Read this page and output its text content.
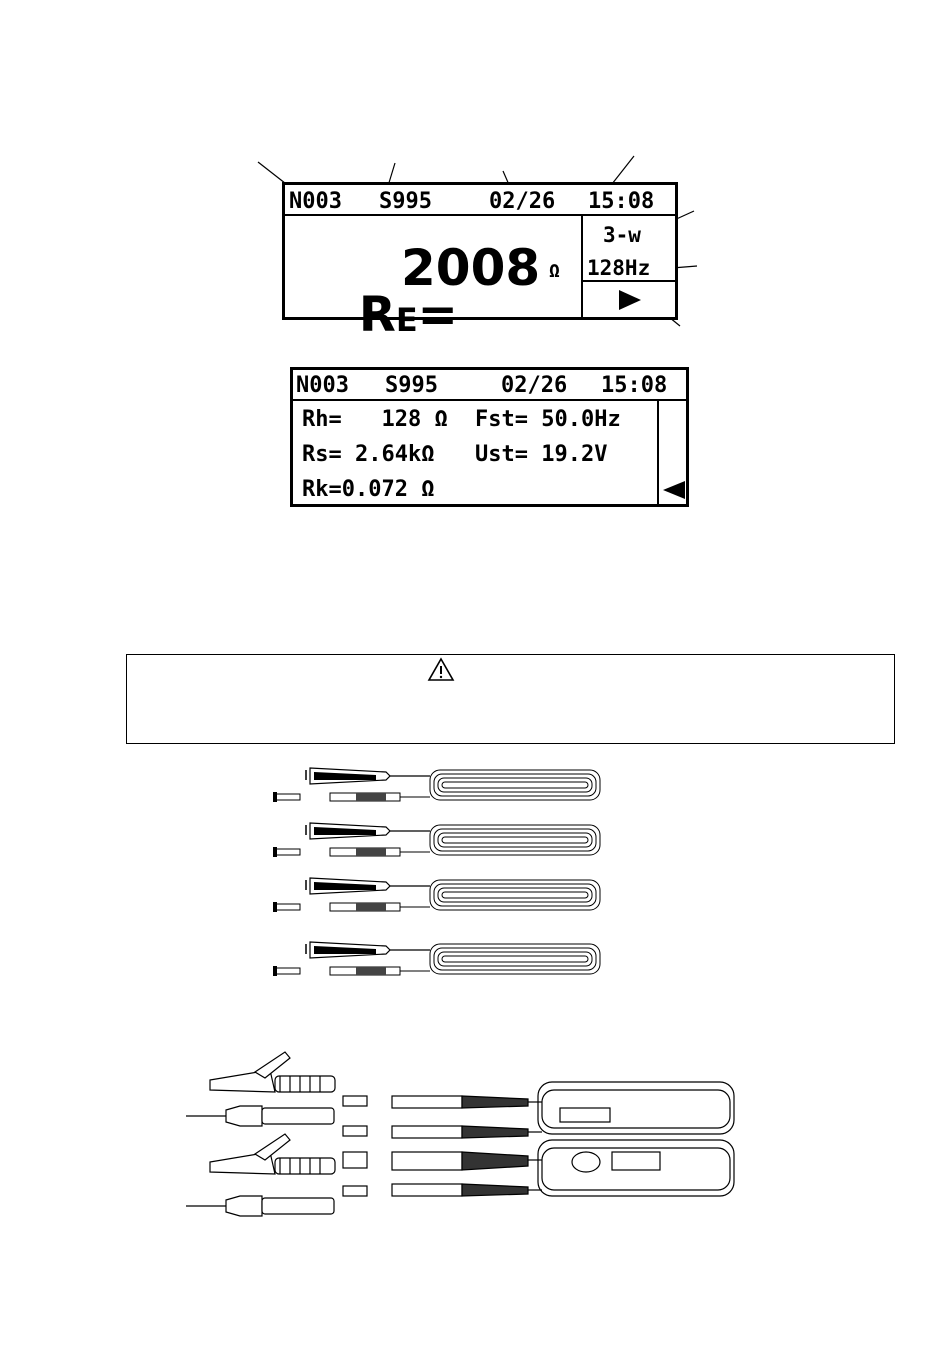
N003 S995	02/26 15:08

RE=

2008 Ω
3-w
128Hz
N003 S995	02/26 15:08
Rh=   128 Ω Fst= 50.0Hz
Rs= 2.64kΩ Ust= 19.2V
Rk=0.072 Ω
